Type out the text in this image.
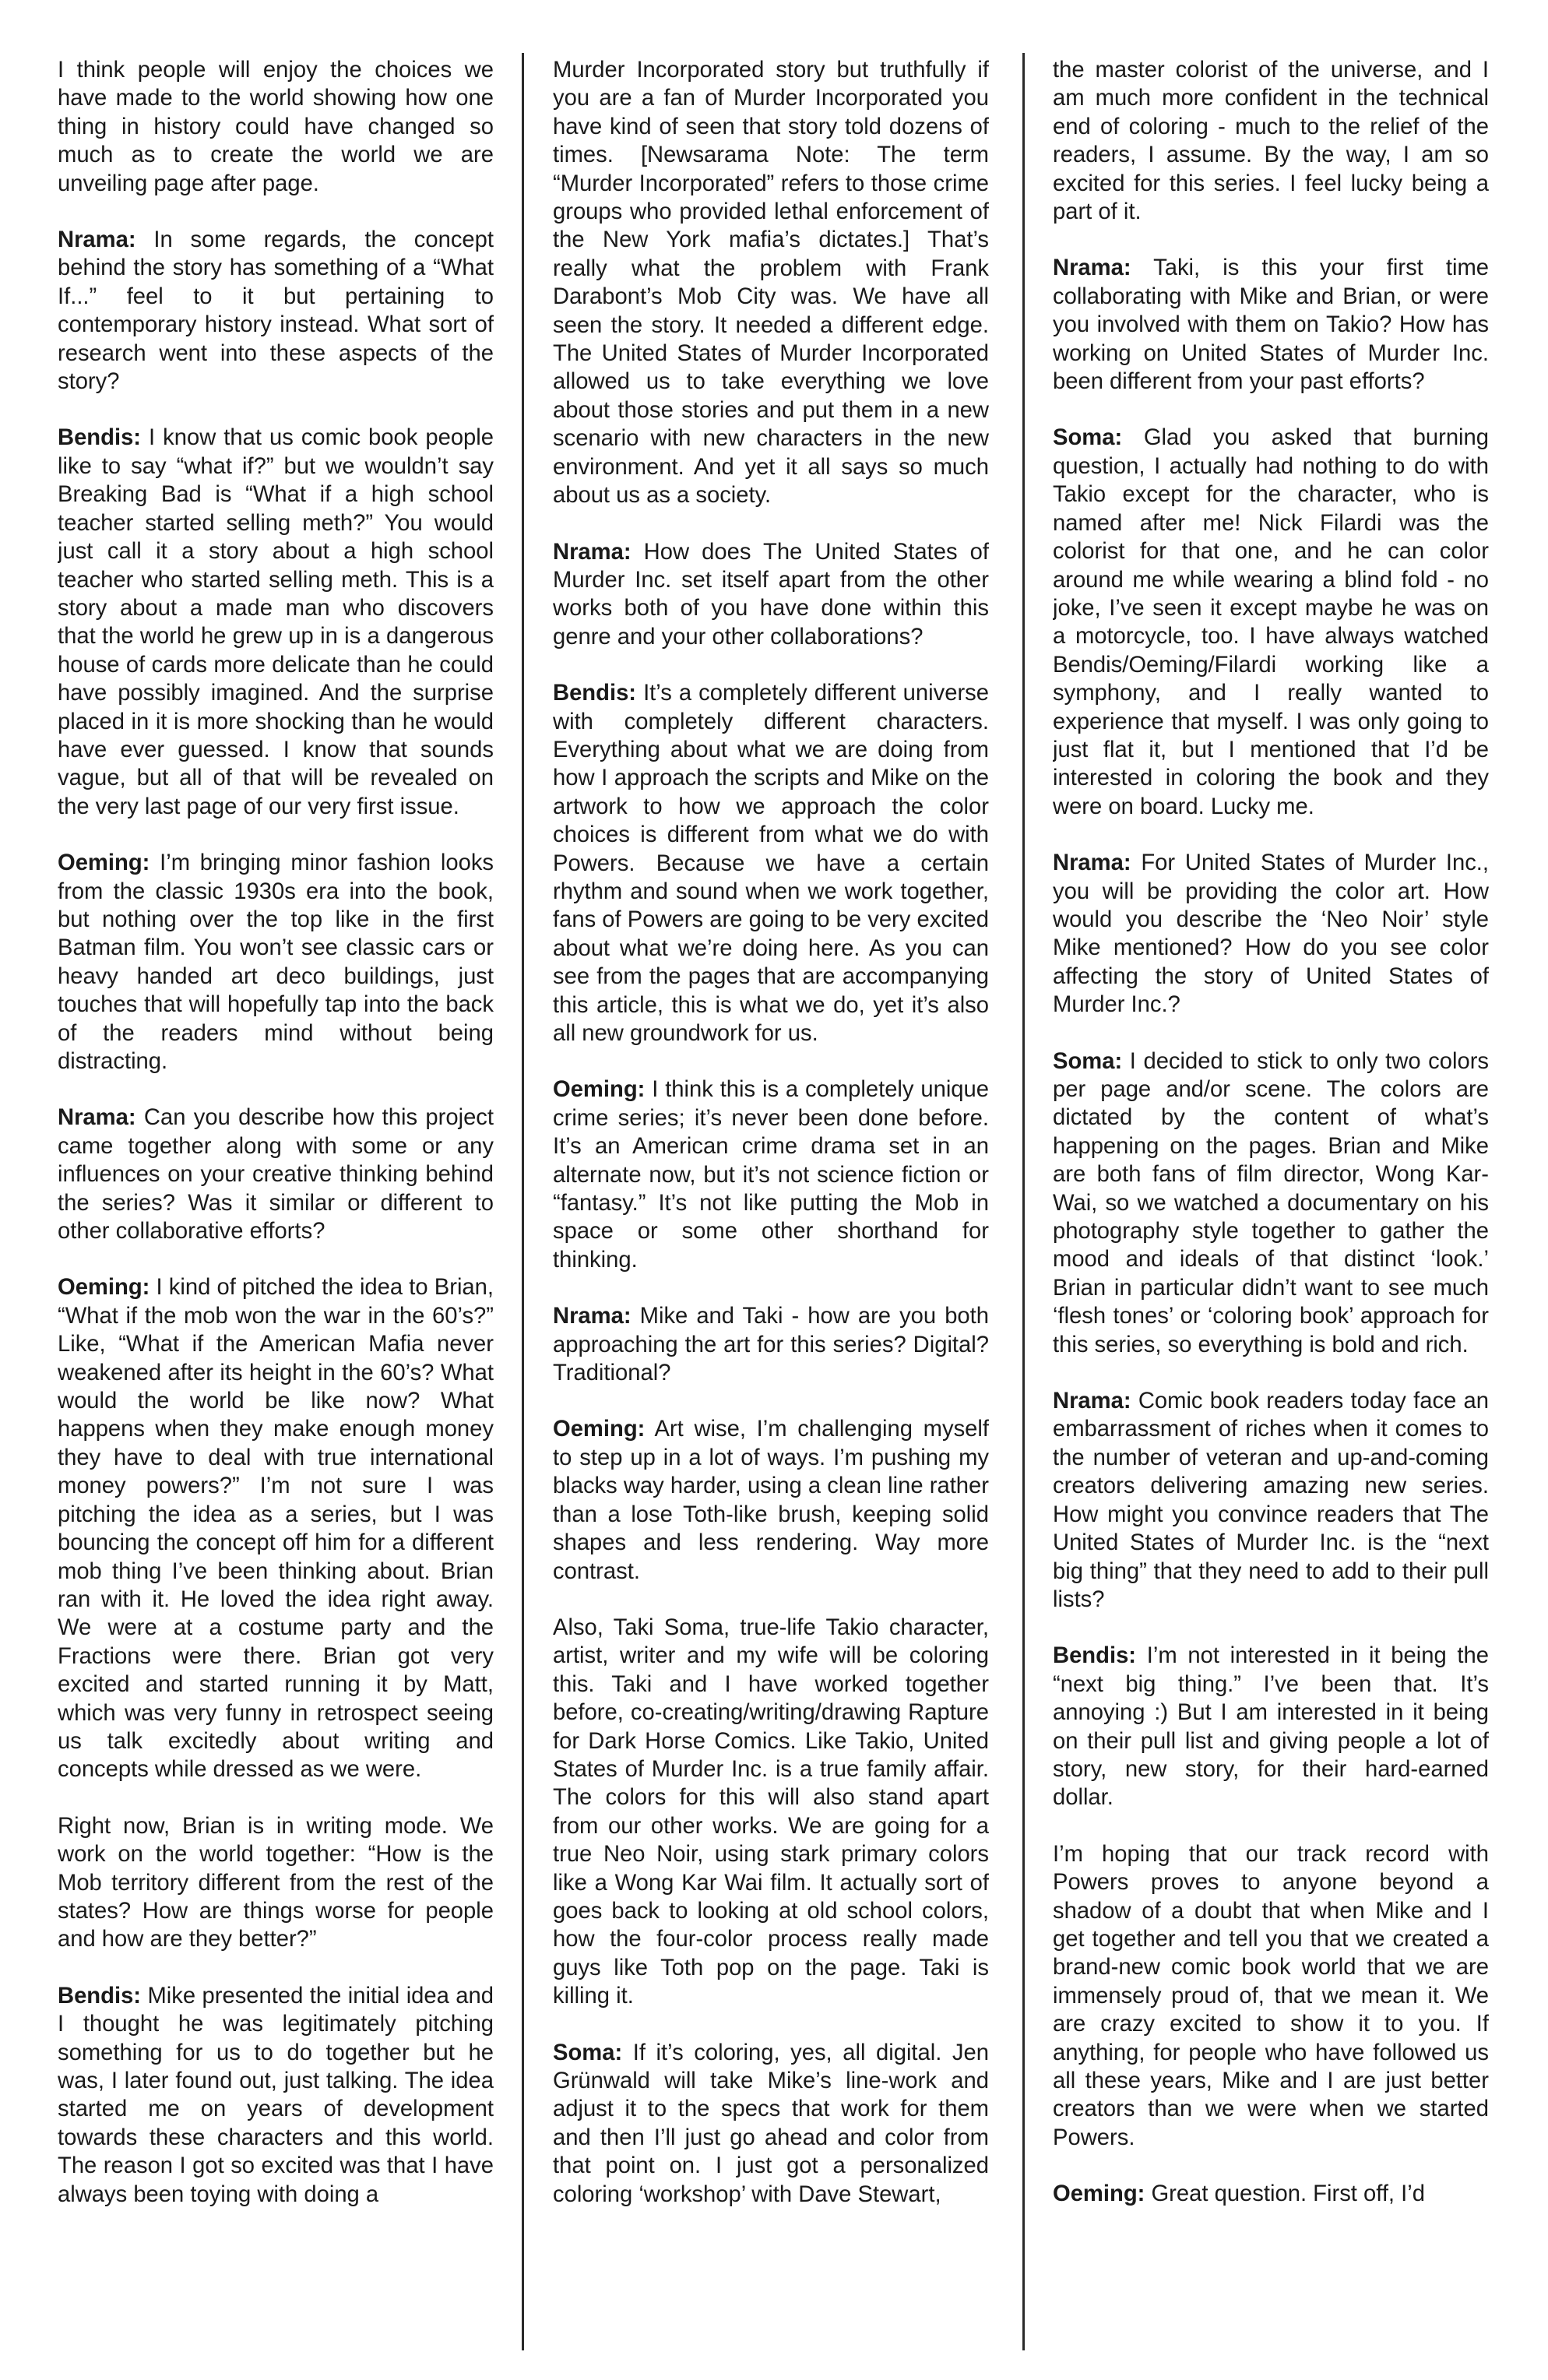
I think people will enjoy the choices we have made to the world showing how one thing in history could have changed so much as to create the world we are unveiling page after page.

Nrama: In some regards, the concept behind the story has something of a “What If...” feel to it but pertaining to contemporary history instead. What sort of research went into these aspects of the story?

Bendis: I know that us comic book people like to say “what if?” but we wouldn’t say Breaking Bad is “What if a high school teacher started selling meth?” You would just call it a story about a high school teacher who started selling meth. This is a story about a made man who discovers that the world he grew up in is a dangerous house of cards more delicate than he could have possibly imagined. And the surprise placed in it is more shocking than he would have ever guessed. I know that sounds vague, but all of that will be revealed on the very last page of our very first issue.

Oeming: I’m bringing minor fashion looks from the classic 1930s era into the book, but nothing over the top like in the first Batman film. You won’t see classic cars or heavy handed art deco buildings, just touches that will hopefully tap into the back of the readers mind without being distracting.

Nrama: Can you describe how this project came together along with some or any influences on your creative thinking behind the series? Was it similar or different to other collaborative efforts?

Oeming: I kind of pitched the idea to Brian, “What if the mob won the war in the 60’s?” Like, “What if the American Mafia never weakened after its height in the 60’s? What would the world be like now? What happens when they make enough money they have to deal with true international money powers?” I’m not sure I was pitching the idea as a series, but I was bouncing the concept off him for a different mob thing I’ve been thinking about. Brian ran with it. He loved the idea right away. We were at a costume party and the Fractions were there. Brian got very excited and started running it by Matt, which was very funny in retrospect seeing us talk excitedly about writing and concepts while dressed as we were.

Right now, Brian is in writing mode. We work on the world together: “How is the Mob territory different from the rest of the states? How are things worse for people and how are they better?”

Bendis: Mike presented the initial idea and I thought he was legitimately pitching something for us to do together but he was, I later found out, just talking. The idea started me on years of development towards these characters and this world. The reason I got so excited was that I have always been toying with doing a

Murder Incorporated story but truthfully if you are a fan of Murder Incorporated you have kind of seen that story told dozens of times. [Newsarama Note: The term “Murder Incorporated” refers to those crime groups who provided lethal enforcement of the New York mafia’s dictates.] That’s really what the problem with Frank Darabont’s Mob City was. We have all seen the story. It needed a different edge. The United States of Murder Incorporated allowed us to take everything we love about those stories and put them in a new scenario with new characters in the new environment. And yet it all says so much about us as a society.

Nrama: How does The United States of Murder Inc. set itself apart from the other works both of you have done within this genre and your other collaborations?

Bendis: It’s a completely different universe with completely different characters. Everything about what we are doing from how I approach the scripts and Mike on the artwork to how we approach the color choices is different from what we do with Powers. Because we have a certain rhythm and sound when we work together, fans of Powers are going to be very excited about what we’re doing here. As you can see from the pages that are accompanying this article, this is what we do, yet it’s also all new groundwork for us.

Oeming: I think this is a completely unique crime series; it’s never been done before. It’s an American crime drama set in an alternate now, but it’s not science fiction or “fantasy.” It’s not like putting the Mob in space or some other shorthand for thinking.

Nrama: Mike and Taki - how are you both approaching the art for this series? Digital? Traditional?

Oeming: Art wise, I’m challenging myself to step up in a lot of ways. I’m pushing my blacks way harder, using a clean line rather than a lose Toth-like brush, keeping solid shapes and less rendering. Way more contrast.

Also, Taki Soma, true-life Takio character, artist, writer and my wife will be coloring this. Taki and I have worked together before, co-creating/writing/drawing Rapture for Dark Horse Comics. Like Takio, United States of Murder Inc. is a true family affair. The colors for this will also stand apart from our other works. We are going for a true Neo Noir, using stark primary colors like a Wong Kar Wai film. It actually sort of goes back to looking at old school colors, how the four-color process really made guys like Toth pop on the page. Taki is killing it.

Soma: If it’s coloring, yes, all digital. Jen Grünwald will take Mike’s line-work and adjust it to the specs that work for them and then I’ll just go ahead and color from that point on. I just got a personalized coloring ‘workshop’ with Dave Stewart,

the master colorist of the universe, and I am much more confident in the technical end of coloring - much to the relief of the readers, I assume. By the way, I am so excited for this series. I feel lucky being a part of it.

Nrama: Taki, is this your first time collaborating with Mike and Brian, or were you involved with them on Takio? How has working on United States of Murder Inc. been different from your past efforts?

Soma: Glad you asked that burning question, I actually had nothing to do with Takio except for the character, who is named after me! Nick Filardi was the colorist for that one, and he can color around me while wearing a blind fold - no joke, I’ve seen it except maybe he was on a motorcycle, too. I have always watched Bendis/Oeming/Filardi working like a symphony, and I really wanted to experience that myself. I was only going to just flat it, but I mentioned that I’d be interested in coloring the book and they were on board. Lucky me.

Nrama: For United States of Murder Inc., you will be providing the color art. How would you describe the ‘Neo Noir’ style Mike mentioned? How do you see color affecting the story of United States of Murder Inc.?

Soma: I decided to stick to only two colors per page and/or scene. The colors are dictated by the content of what’s happening on the pages. Brian and Mike are both fans of film director, Wong Kar-Wai, so we watched a documentary on his photography style together to gather the mood and ideals of that distinct ‘look.’ Brian in particular didn’t want to see much ‘flesh tones’ or ‘coloring book’ approach for this series, so everything is bold and rich.

Nrama: Comic book readers today face an embarrassment of riches when it comes to the number of veteran and up-and-coming creators delivering amazing new series. How might you convince readers that The United States of Murder Inc. is the “next big thing” that they need to add to their pull lists?

Bendis: I’m not interested in it being the “next big thing.” I’ve been that. It’s annoying :) But I am interested in it being on their pull list and giving people a lot of story, new story, for their hard-earned dollar.

I’m hoping that our track record with Powers proves to anyone beyond a shadow of a doubt that when Mike and I get together and tell you that we created a brand-new comic book world that we are immensely proud of, that we mean it. We are crazy excited to show it to you. If anything, for people who have followed us all these years, Mike and I are just better creators than we were when we started Powers.

Oeming: Great question. First off, I’d
